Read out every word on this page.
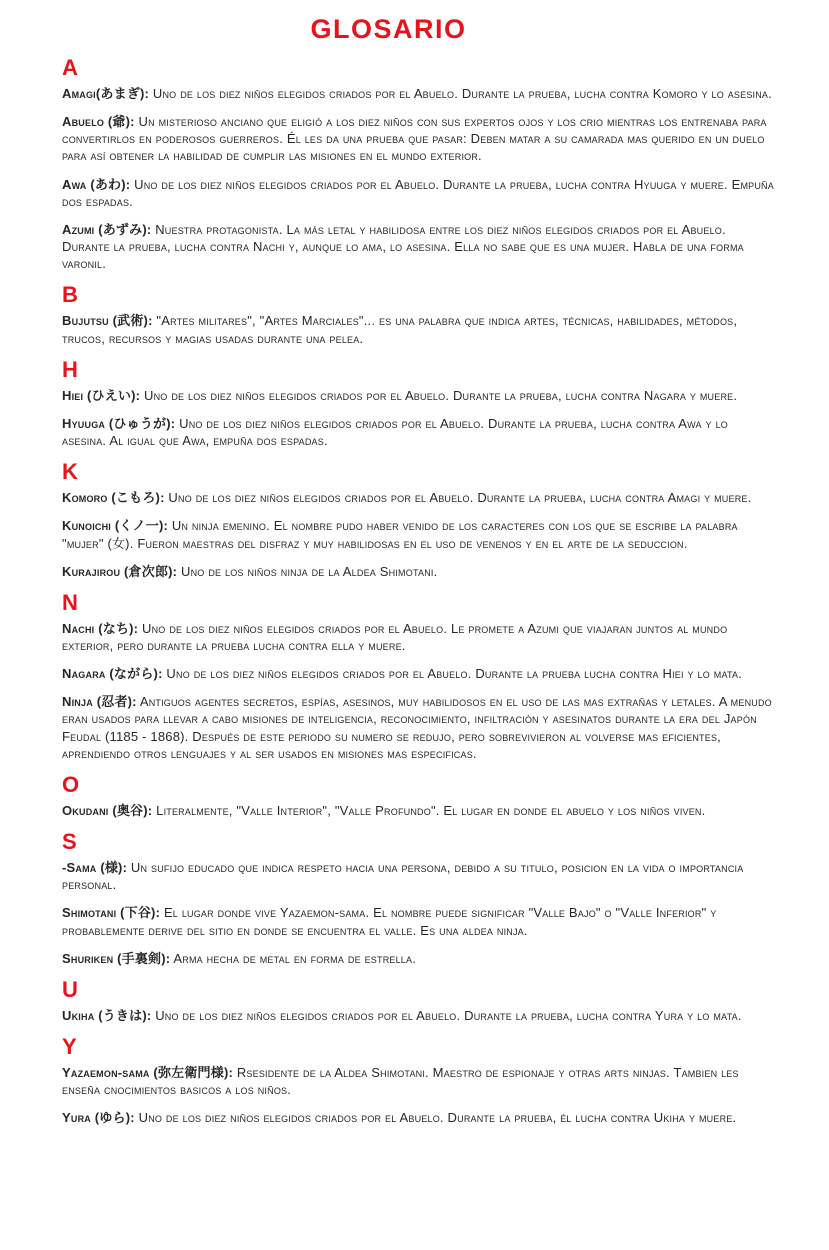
GLOSARIO
A

Amagi(あまぎ): Uno de los diez niños elegidos criados por el Abuelo. Durante la prueba, lucha contra Komoro y lo asesina.

Abuelo (爺): Un misterioso anciano que eligió a los diez niños con sus expertos ojos y los crio mientras los entrenaba para convertirlos en poderosos guerreros. Él les da una prueba que pasar: Deben matar a su camarada mas querido en un duelo para así obtener la habilidad de cumplir las misiones en el mundo exterior.

Awa (あわ): Uno de los diez niños elegidos criados por el Abuelo. Durante la prueba, lucha contra Hyuuga y muere. Empuña dos espadas.

Azumi (あずみ): Nuestra protagonista. La más letal y habilidosa entre los diez niños elegidos criados por el Abuelo. Durante la prueba, lucha contra Nachi y, aunque lo ama, lo asesina. Ella no sabe que es una mujer. Habla de una forma varonil.

B

Bujutsu (武術): "Artes militares", "Artes Marciales"... es una palabra que indica artes, técnicas, habilidades, métodos, trucos, recursos y magias usadas durante una pelea.

H

Hiei (ひえい): Uno de los diez niños elegidos criados por el Abuelo. Durante la prueba, lucha contra Nagara y muere.

Hyuuga (ひゅうが): Uno de los diez niños elegidos criados por el Abuelo. Durante la prueba, lucha contra Awa y lo asesina. Al igual que Awa, empuña dos espadas.

K

Komoro (こもろ): Uno de los diez niños elegidos criados por el Abuelo. Durante la prueba, lucha contra Amagi y muere.

Kunoichi (くノ一): Un ninja emenino. El nombre pudo haber venido de los caracteres con los que se escribe la palabra "mujer" (女). Fueron maestras del disfraz y muy habilidosas en el uso de venenos y en el arte de la seduccion.

Kurajirou (倉次郎): Uno de los niños ninja de la Aldea Shimotani.

N

Nachi (なち): Uno de los diez niños elegidos criados por el Abuelo. Le promete a Azumi que viajaran juntos al mundo exterior, pero durante la prueba lucha contra ella y muere.

Nagara (ながら): Uno de los diez niños elegidos criados por el Abuelo. Durante la prueba lucha contra Hiei y lo mata.

Ninja (忍者): Antiguos agentes secretos, espías, asesinos, muy habilidosos en el uso de las mas extrañas y letales. A menudo eran usados para llevar a cabo misiones de inteligencia, reconocimiento, infiltración y asesinatos durante la era del Japón Feudal (1185 - 1868). Después de este periodo su numero se redujo, pero sobrevivieron al volverse mas eficientes, aprendiendo otros lenguajes y al ser usados en misiones mas especificas.

O

Okudani (奥谷): Literalmente, "Valle Interior", "Valle Profundo". El lugar en donde el abuelo y los niños viven.

S

-Sama (様): Un sufijo educado que indica respeto hacia una persona, debido a su titulo, posicion en la vida o importancia personal.

Shimotani (下谷): El lugar donde vive Yazaemon-sama. El nombre puede significar "Valle Bajo" o "Valle Inferior" y probablemente derive del sitio en donde se encuentra el valle. Es una aldea ninja.

Shuriken (手裏剣): Arma hecha de metal en forma de estrella.

U

Ukiha (うきは): Uno de los diez niños elegidos criados por el Abuelo. Durante la prueba, lucha contra Yura y lo mata.

Y

Yazaemon-sama (弥左衛門様): Rsesidente de la Aldea Shimotani. Maestro de espionaje y otras arts ninjas. Tambien les enseña cnocimientos basicos a los niños.

Yura (ゆら): Uno de los diez niños elegidos criados por el Abuelo. Durante la prueba, él lucha contra Ukiha y muere.
